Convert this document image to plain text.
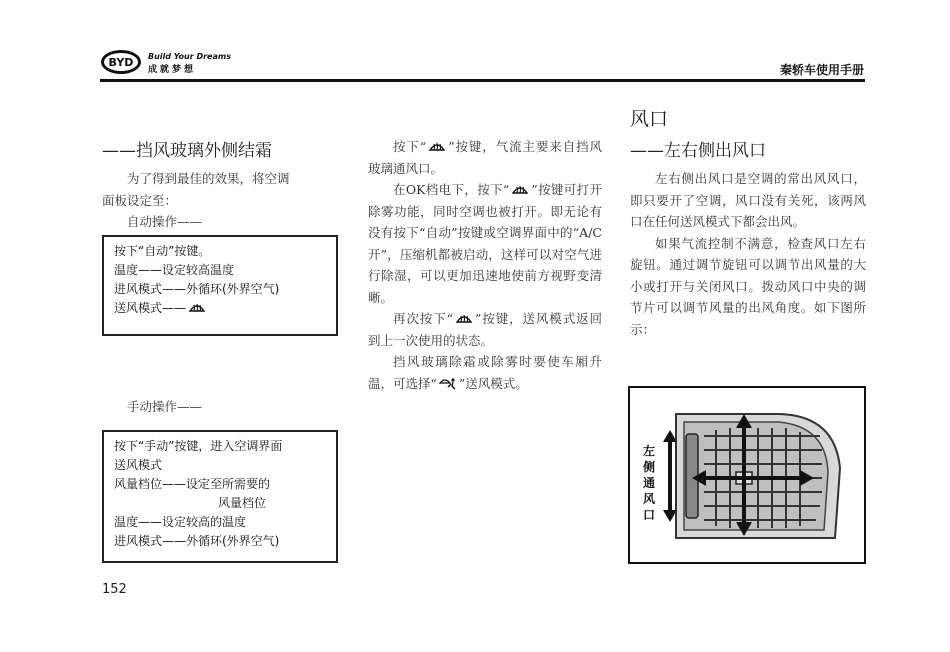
BYD Build Your Dreams
成就梦想	秦轿车使用手册
——挡风玻璃外侧结霜

为了得到最佳的效果，将空调

面板设定至：

自动操作——

按下“自动”按键。
温度——设定较高温度
进风模式——外循环(外界空气)
送风模式——

手动操作——

按下“手动”按键，进入空调界面
送风模式
风量档位——设定至所需要的
风量档位
温度——设定较高的温度
进风模式——外循环(外界空气)

按下“ ”按键，气流主要来自挡风玻璃通风口。

在OK档电下，按下“ ”按键可打开除雾功能，同时空调也被打开。即无论有没有按下“自动”按键或空调界面中的“A/C 开”，压缩机都被启动，这样可以对空气进行除湿，可以更加迅速地使前方视野变清晰。

再次按下“ ”按键，送风模式返回到上一次使用的状态。

挡风玻璃除霜或除雾时要使车厢升温，可选择“ ”送风模式。

风口
——左右侧出风口

左右侧出风口是空调的常出风风口，即只要开了空调，风口没有关死，该两风口在任何送风模式下都会出风。

如果气流控制不满意，检查风口左右旋钮。通过调节旋钮可以调节出风量的大小或打开与关闭风口。拨动风口中央的调节片可以调节风量的出风角度。如下图所示：

左侧通风口
152
